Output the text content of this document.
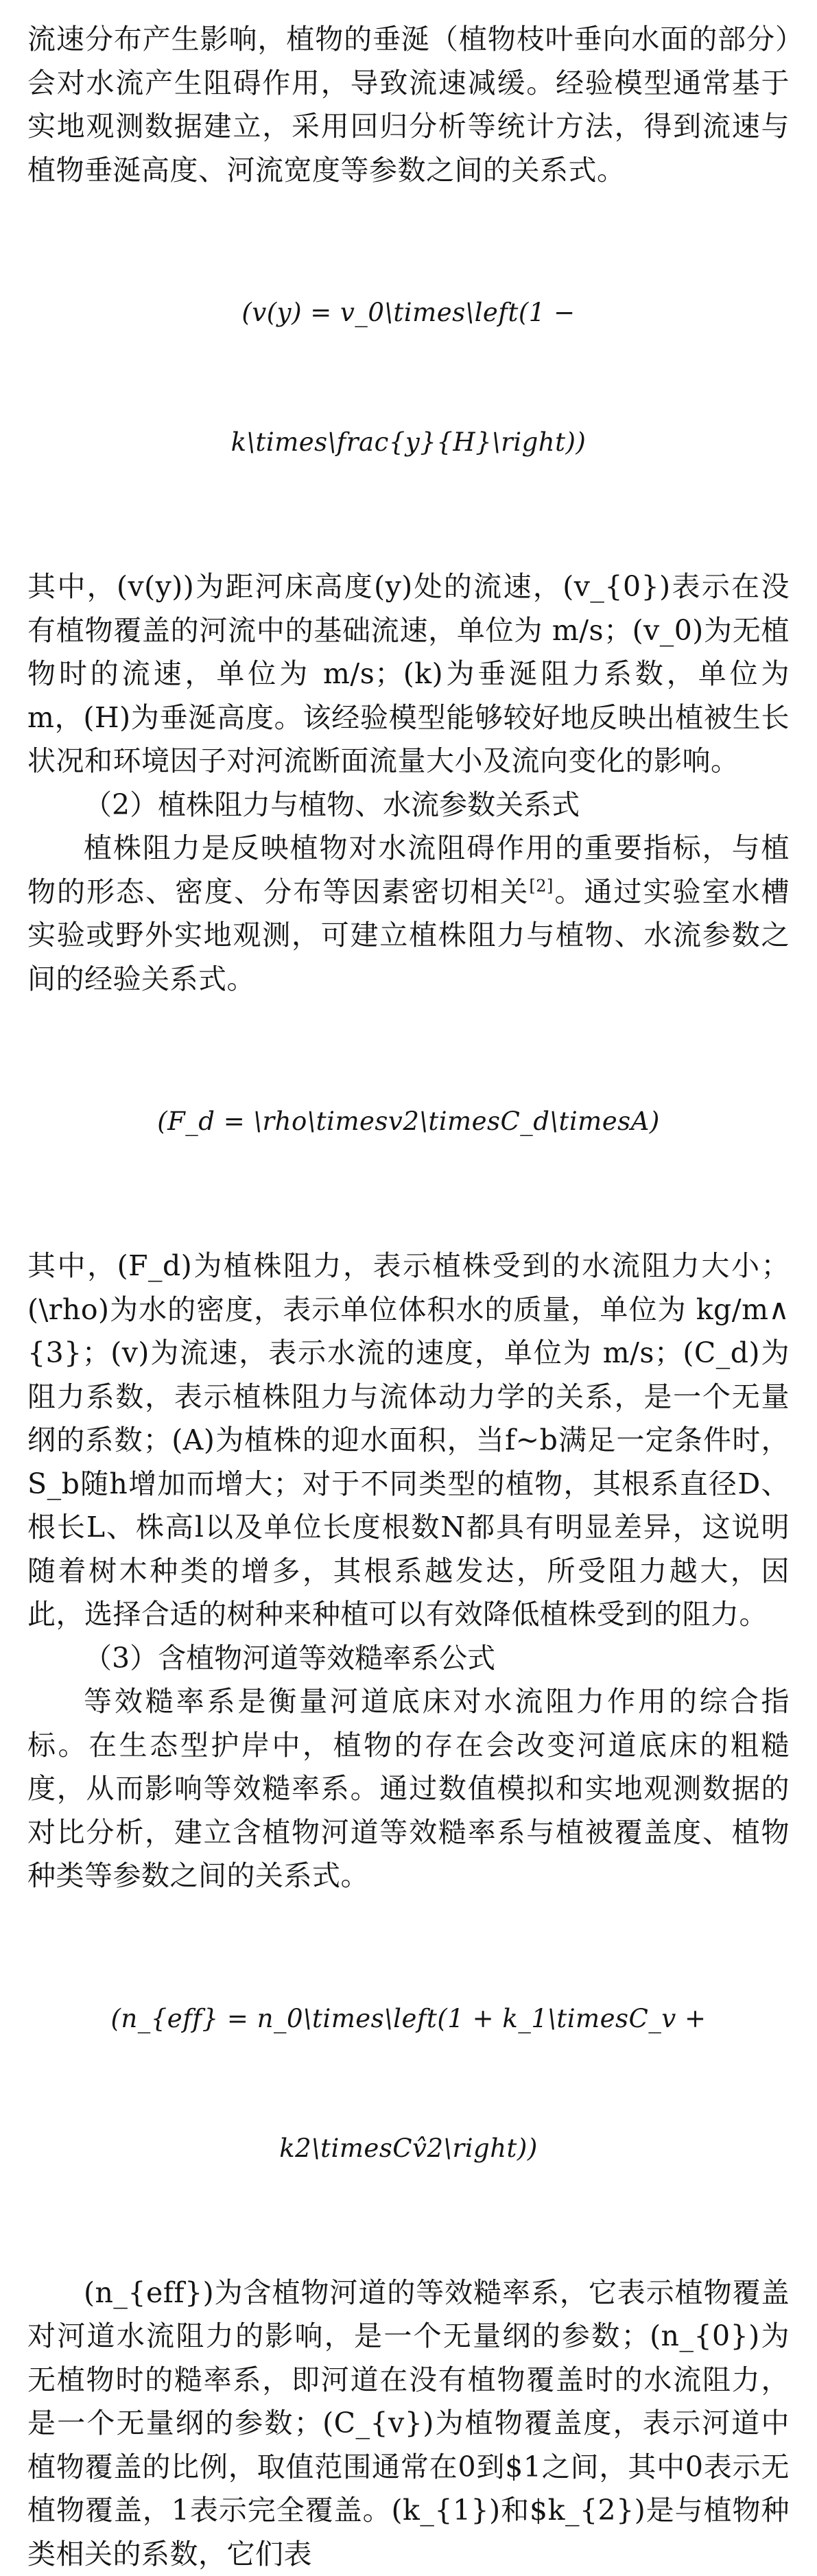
流速分布产生影响，植物的垂涎（植物枝叶垂向水面的部分）会对水流产生阻碍作用，导致流速减缓。经验模型通常基于实地观测数据建立，采用回归分析等统计方法，得到流速与植物垂涎高度、河流宽度等参数之间的关系式。

(v(y) = v_0\times\left(1 −

k\times\frac{y}{H}\right))

其中，(v(y))为距河床高度(y)处的流速，(v_{0})表示在没有植物覆盖的河流中的基础流速，单位为 m/s；(v_0)为无植物时的流速，单位为 m/s；(k)为垂涎阻力系数，单位为 m，(H)为垂涎高度。该经验模型能够较好地反映出植被生长状况和环境因子对河流断面流量大小及流向变化的影响。

（2）植株阻力与植物、水流参数关系式

植株阻力是反映植物对水流阻碍作用的重要指标，与植物的形态、密度、分布等因素密切相关[2]。通过实验室水槽实验或野外实地观测，可建立植株阻力与植物、水流参数之间的经验关系式。

(F_d = \rho\timesv2\timesC_d\timesA)

其中，(F_d)为植株阻力，表示植株受到的水流阻力大小；(\rho)为水的密度，表示单位体积水的质量，单位为 kg/m∧{3}；(v)为流速，表示水流的速度，单位为 m/s；(C_d)为阻力系数，表示植株阻力与流体动力学的关系，是一个无量纲的系数；(A)为植株的迎水面积，当f~b满足一定条件时，S_b随h增加而增大；对于不同类型的植物，其根系直径D、根长L、株高l以及单位长度根数N都具有明显差异，这说明随着树木种类的增多，其根系越发达，所受阻力越大，因此，选择合适的树种来种植可以有效降低植株受到的阻力。

（3）含植物河道等效糙率系公式

等效糙率系是衡量河道底床对水流阻力作用的综合指标。在生态型护岸中，植物的存在会改变河道底床的粗糙度，从而影响等效糙率系。通过数值模拟和实地观测数据的对比分析，建立含植物河道等效糙率系与植被覆盖度、植物种类等参数之间的关系式。

(n_{eff} = n_0\times\left(1 + k_1\timesC_v +

k2\timesCv̂2\right))

(n_{eff})为含植物河道的等效糙率系，它表示植物覆盖对河道水流阻力的影响，是一个无量纲的参数；(n_{0})为无植物时的糙率系，即河道在没有植物覆盖时的水流阻力，是一个无量纲的参数；(C_{v})为植物覆盖度，表示河道中植物覆盖的比例，取值范围通常在0到$1之间，其中0表示无植物覆盖，1表示完全覆盖。(k_{1})和$k_{2})是与植物种类相关的系数，它们表
